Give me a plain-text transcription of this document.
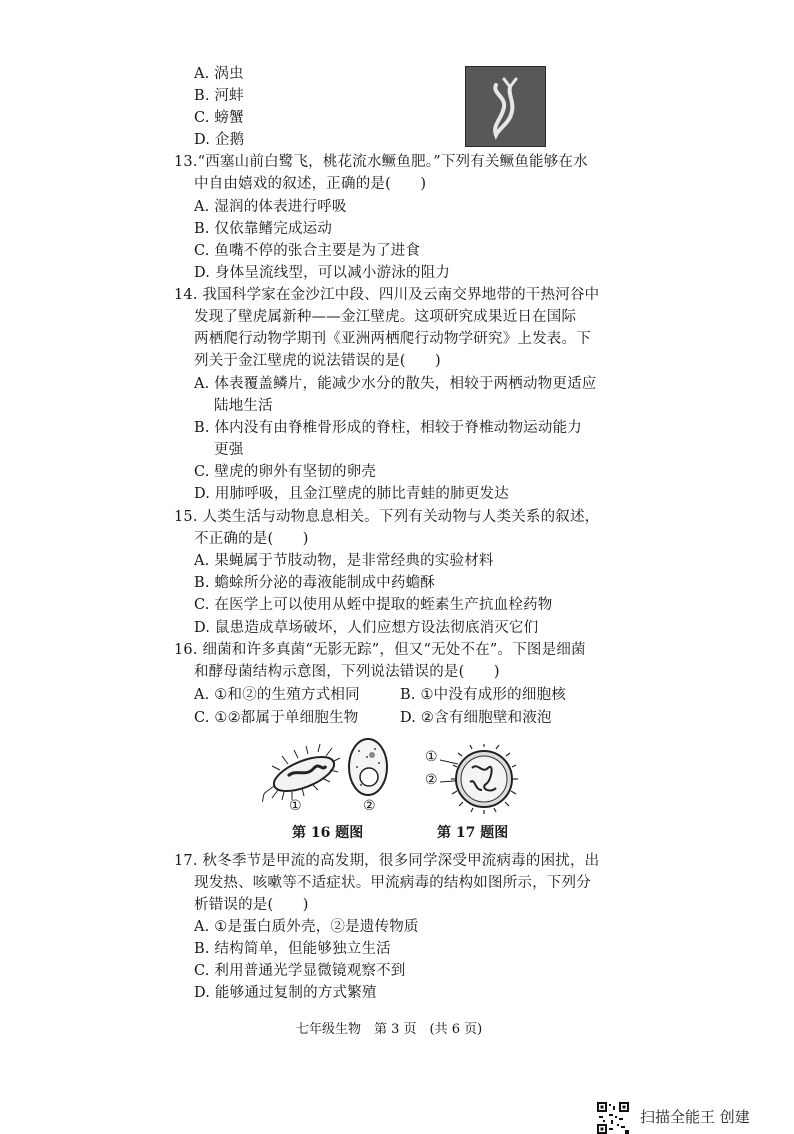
A. 涡虫
B. 河蚌
C. 螃蟹
D. 企鹅
13.“西塞山前白鹭飞，桃花流水鳜鱼肥。”下列有关鳜鱼能够在水
中自由嬉戏的叙述，正确的是(　　)
A. 湿润的体表进行呼吸
B. 仅依靠鳍完成运动
C. 鱼嘴不停的张合主要是为了进食
D. 身体呈流线型，可以减小游泳的阻力
14. 我国科学家在金沙江中段、四川及云南交界地带的干热河谷中
发现了壁虎属新种——金江壁虎。这项研究成果近日在国际
两栖爬行动物学期刊《亚洲两栖爬行动物学研究》上发表。下
列关于金江壁虎的说法错误的是(　　)
A. 体表覆盖鳞片，能减少水分的散失，相较于两栖动物更适应
陆地生活
B. 体内没有由脊椎骨形成的脊柱，相较于脊椎动物运动能力
更强
C. 壁虎的卵外有坚韧的卵壳
D. 用肺呼吸，且金江壁虎的肺比青蛙的肺更发达
15. 人类生活与动物息息相关。下列有关动物与人类关系的叙述，
不正确的是(　　)
A. 果蝇属于节肢动物，是非常经典的实验材料
B. 蟾蜍所分泌的毒液能制成中药蟾酥
C. 在医学上可以使用从蛭中提取的蛭素生产抗血栓药物
D. 鼠患造成草场破坏，人们应想方设法彻底消灭它们
16. 细菌和许多真菌“无影无踪”，但又“无处不在”。下图是细菌
和酵母菌结构示意图，下列说法错误的是(　　)
A. ①和②的生殖方式相同	B. ①中没有成形的细胞核
C. ①②都属于单细胞生物	D. ②含有细胞壁和液泡
①	②
①
②
第 16 题图	第 17 题图
17. 秋冬季节是甲流的高发期，很多同学深受甲流病毒的困扰，出
现发热、咳嗽等不适症状。甲流病毒的结构如图所示，下列分
析错误的是(　　)
A. ①是蛋白质外壳，②是遗传物质
B. 结构简单，但能够独立生活
C. 利用普通光学显微镜观察不到
D. 能够通过复制的方式繁殖
七年级生物　第 3 页　(共 6 页)
扫描全能王 创建
